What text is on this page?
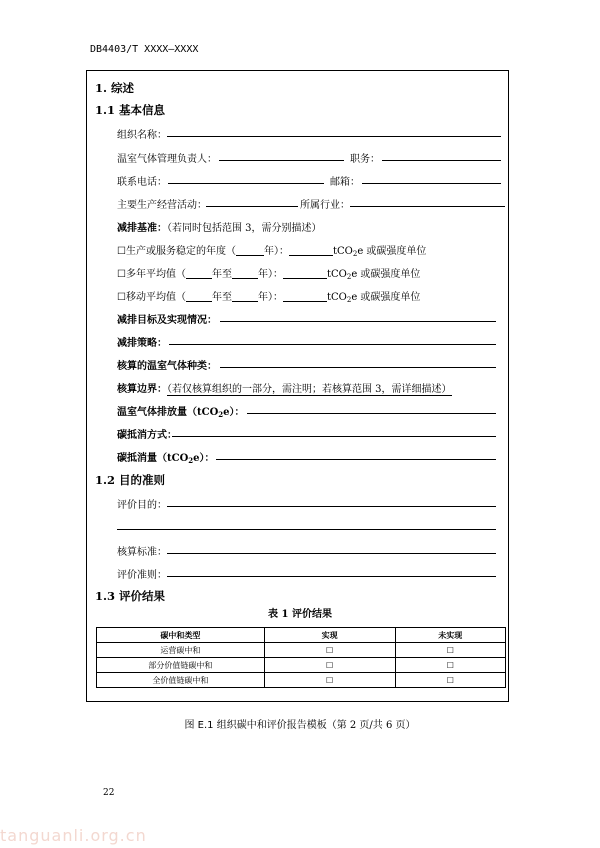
DB4403/T XXXX—XXXX
1. 综述
1.1 基本信息
组织名称：
温室气体管理负责人：	职务：
联系电话：	邮箱：
主要生产经营活动：	所属行业：
减排基准：（若同时包括范围 3，需分别描述）
☐生产或服务稳定的年度（	年）：	tCO$_2$e 或碳强度单位
☐多年平均值（	年至	年）：	tCO$_2$e 或碳强度单位
☐移动平均值（	年至	年）：	tCO$_2$e 或碳强度单位
减排目标及实现情况：
减排策略：
核算的温室气体种类：
核算边界：（若仅核算组织的一部分，需注明；若核算范围 3，需详细描述）
温室气体排放量（tCO$_2$e）：
碳抵消方式：
碳抵消量（tCO$_2$e）：
1.2 目的准则
评价目的：
核算标准：
评价准则：
1.3 评价结果
表 1 评价结果
碳中和类型	实现	未实现
运营碳中和	☐	☐
部分价值链碳中和	☐	☐
全价值链碳中和	☐	☐
图 E.1 组织碳中和评价报告模板（第 2 页/共 6 页）
22
tanguanli.org.cn
